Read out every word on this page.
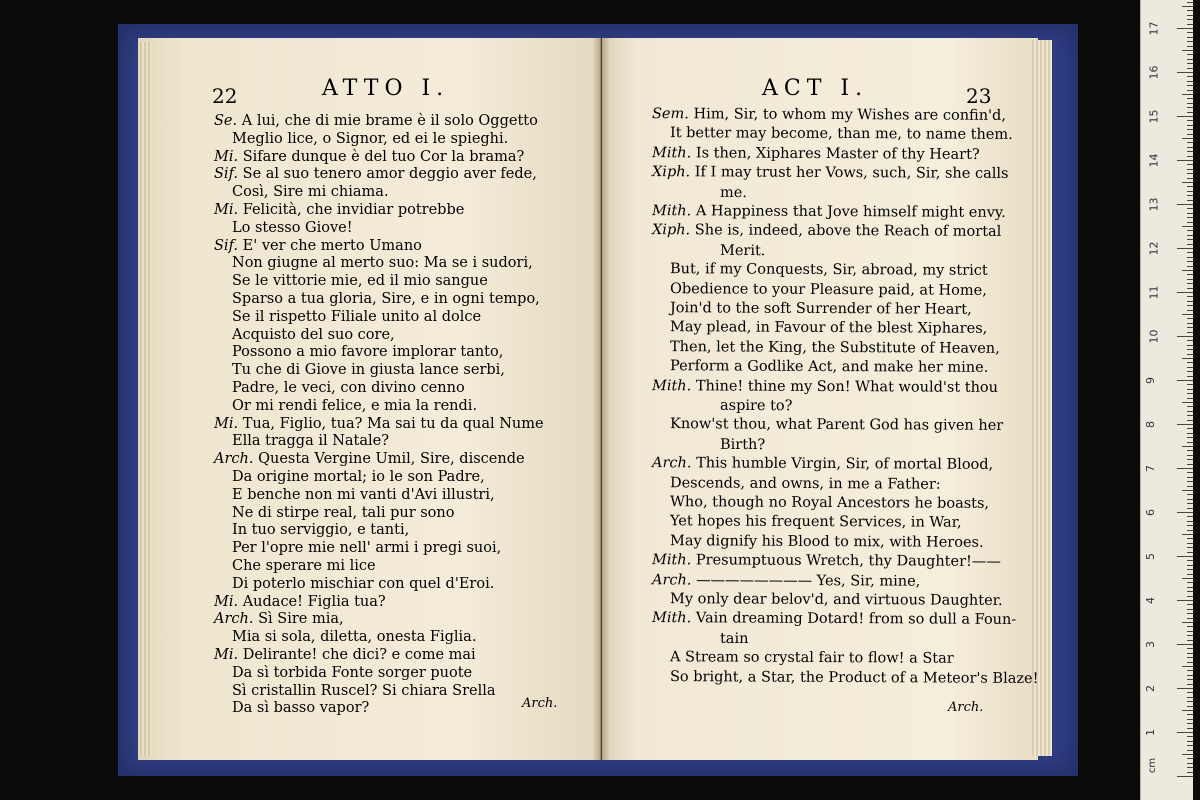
22	ATTO I.
Se. A lui, che di mie brame è il solo Oggetto
Meglio lice, o Signor, ed ei le spieghi.
Mi. Sifare dunque è del tuo Cor la brama?
Sif. Se al suo tenero amor deggio aver fede,
Così, Sire mi chiama.
Mi. Felicità, che invidiar potrebbe
Lo stesso Giove!
Sif. E' ver che merto Umano
Non giugne al merto suo: Ma se i sudori,
Se le vittorie mie, ed il mio sangue
Sparso a tua gloria, Sire, e in ogni tempo,
Se il rispetto Filiale unito al dolce
Acquisto del suo core,
Possono a mio favore implorar tanto,
Tu che di Giove in giusta lance serbi,
Padre, le veci, con divino cenno
Or mi rendi felice, e mia la rendi.
Mi. Tua, Figlio, tua? Ma sai tu da qual Nume
Ella tragga il Natale?
Arch. Questa Vergine Umil, Sire, discende
Da origine mortal; io le son Padre,
E benche non mi vanti d'Avi illustri,
Ne di stirpe real, tali pur sono
In tuo serviggio, e tanti,
Per l'opre mie nell' armi i pregi suoi,
Che sperare mi lice
Di poterlo mischiar con quel d'Eroi.
Mi. Audace! Figlia tua?
Arch. Sì Sire mia,
Mia si sola, diletta, onesta Figlia.
Mi. Delirante! che dici? e come mai
Da sì torbida Fonte sorger puote
Sì cristallin Ruscel? Si chiara Srella
Da sì basso vapor?	Arch.
ACT I.	23
Sem. Him, Sir, to whom my Wishes are confin'd,
It better may become, than me, to name them.
Mith. Is then, Xiphares Master of thy Heart?
Xiph. If I may trust her Vows, such, Sir, she calls
me.
Mith. A Happiness that Jove himself might envy.
Xiph. She is, indeed, above the Reach of mortal
Merit.
But, if my Conquests, Sir, abroad, my strict
Obedience to your Pleasure paid, at Home,
Join'd to the soft Surrender of her Heart,
May plead, in Favour of the blest Xiphares,
Then, let the King, the Substitute of Heaven,
Perform a Godlike Act, and make her mine.
Mith. Thine! thine my Son! What would'st thou
aspire to?
Know'st thou, what Parent God has given her
Birth?
Arch. This humble Virgin, Sir, of mortal Blood,
Descends, and owns, in me a Father:
Who, though no Royal Ancestors he boasts,
Yet hopes his frequent Services, in War,
May dignify his Blood to mix, with Heroes.
Mith. Presumptuous Wretch, thy Daughter!——
Arch. ———————— Yes, Sir, mine,
My only dear belov'd, and virtuous Daughter.
Mith. Vain dreaming Dotard! from so dull a Foun-
tain
A Stream so crystal fair to flow! a Star
So bright, a Star, the Product of a Meteor's Blaze!
Arch.
cm
1
2
3
4
5
6
7
8
9
10
11
12
13
14
15
16
17
